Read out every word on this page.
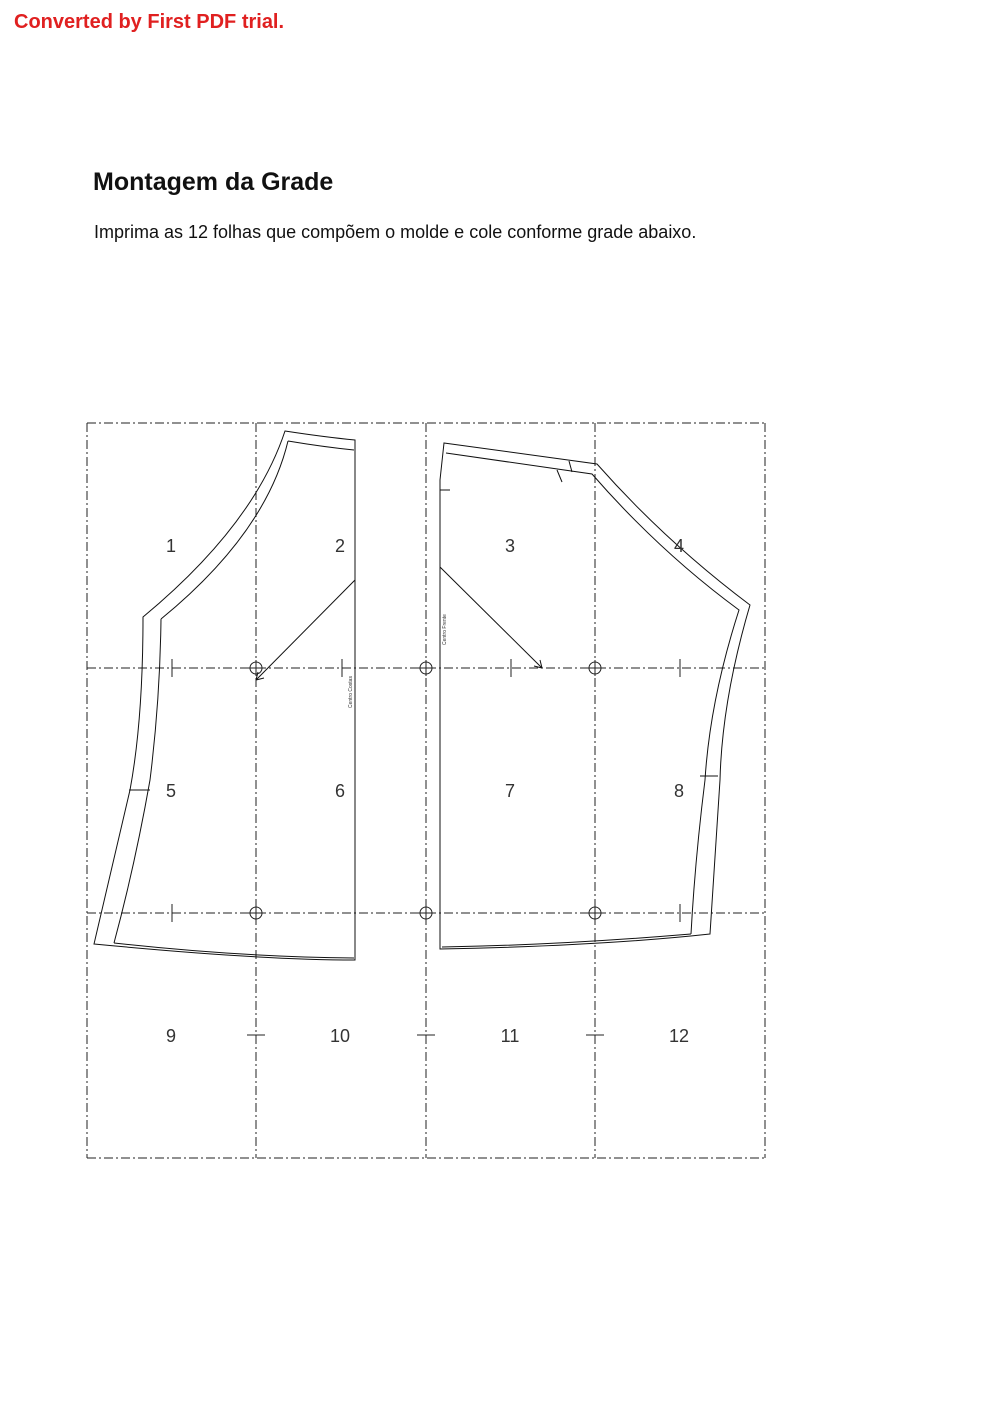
Converted by First PDF trial.
Montagem da Grade

Imprima as 12 folhas que compõem o molde e cole conforme grade abaixo.

Centro Costas
Centro Frente
1	2	3	4
5	6	7	8
9	10	11	12
